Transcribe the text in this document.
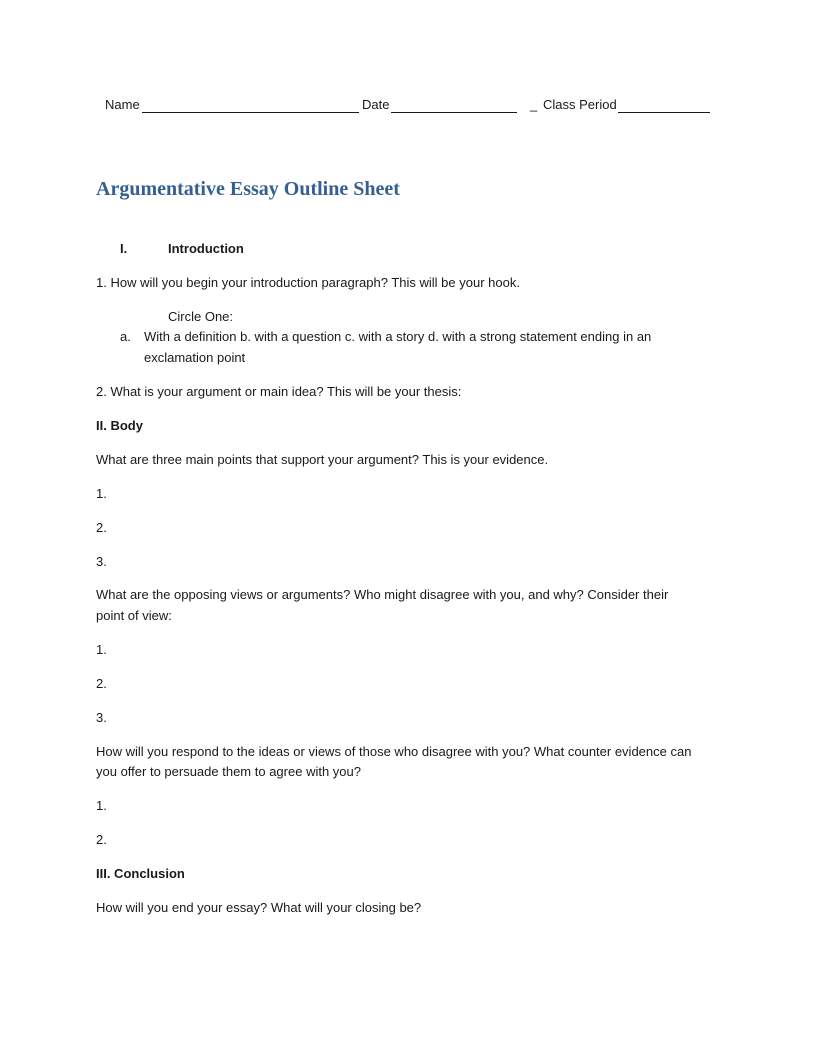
Name	Date	_ Class Period
Argumentative Essay Outline Sheet
I.	Introduction
1. How will you begin your introduction paragraph? This will be your hook.
Circle One:
a. With a definition b. with a question c. with a story d. with a strong statement ending in an
exclamation point
2. What is your argument or main idea? This will be your thesis:
II. Body
What are three main points that support your argument? This is your evidence.
1.
2.
3.
What are the opposing views or arguments? Who might disagree with you, and why? Consider their
point of view:
1.
2.
3.
How will you respond to the ideas or views of those who disagree with you? What counter evidence can
you offer to persuade them to agree with you?
1.
2.
III. Conclusion
How will you end your essay? What will your closing be?
